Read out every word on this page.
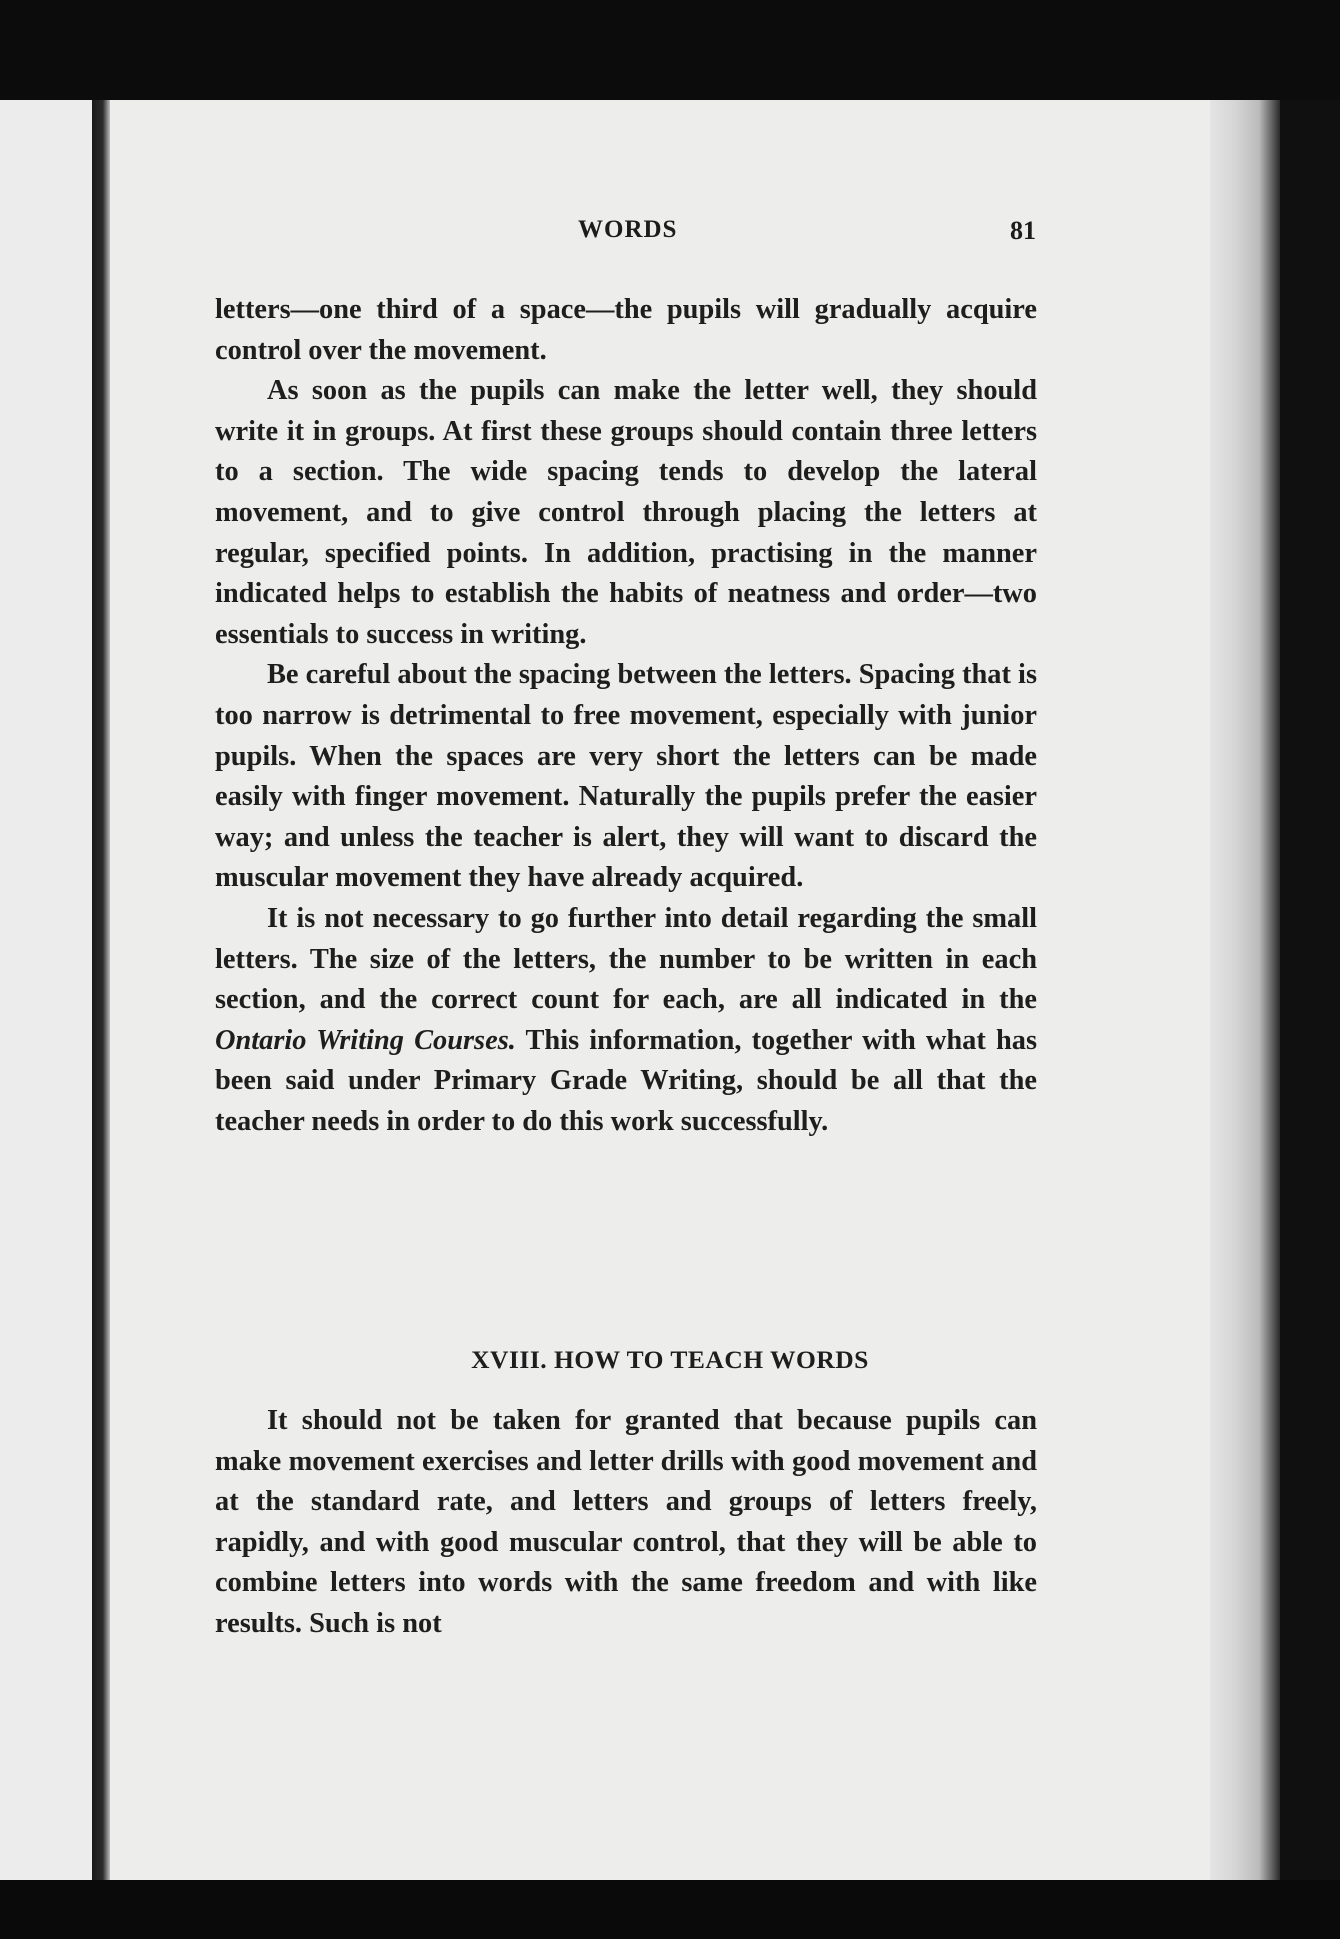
WORDS	81

letters—one third of a space—the pupils will gradually acquire control over the movement.

As soon as the pupils can make the letter well, they should write it in groups. At first these groups should contain three letters to a section. The wide spacing tends to develop the lateral movement, and to give control through placing the letters at regular, specified points. In addition, practising in the manner indicated helps to establish the habits of neatness and order—two essentials to success in writing.

Be careful about the spacing between the letters. Spacing that is too narrow is detrimental to free movement, especially with junior pupils. When the spaces are very short the letters can be made easily with finger movement. Naturally the pupils prefer the easier way; and unless the teacher is alert, they will want to discard the muscular movement they have already acquired.

It is not necessary to go further into detail regarding the small letters. The size of the letters, the number to be written in each section, and the correct count for each, are all indicated in the Ontario Writing Courses. This information, together with what has been said under Primary Grade Writing, should be all that the teacher needs in order to do this work successfully.

XVIII. HOW TO TEACH WORDS

It should not be taken for granted that because pupils can make movement exercises and letter drills with good movement and at the standard rate, and letters and groups of letters freely, rapidly, and with good muscular control, that they will be able to combine letters into words with the same freedom and with like results. Such is not
